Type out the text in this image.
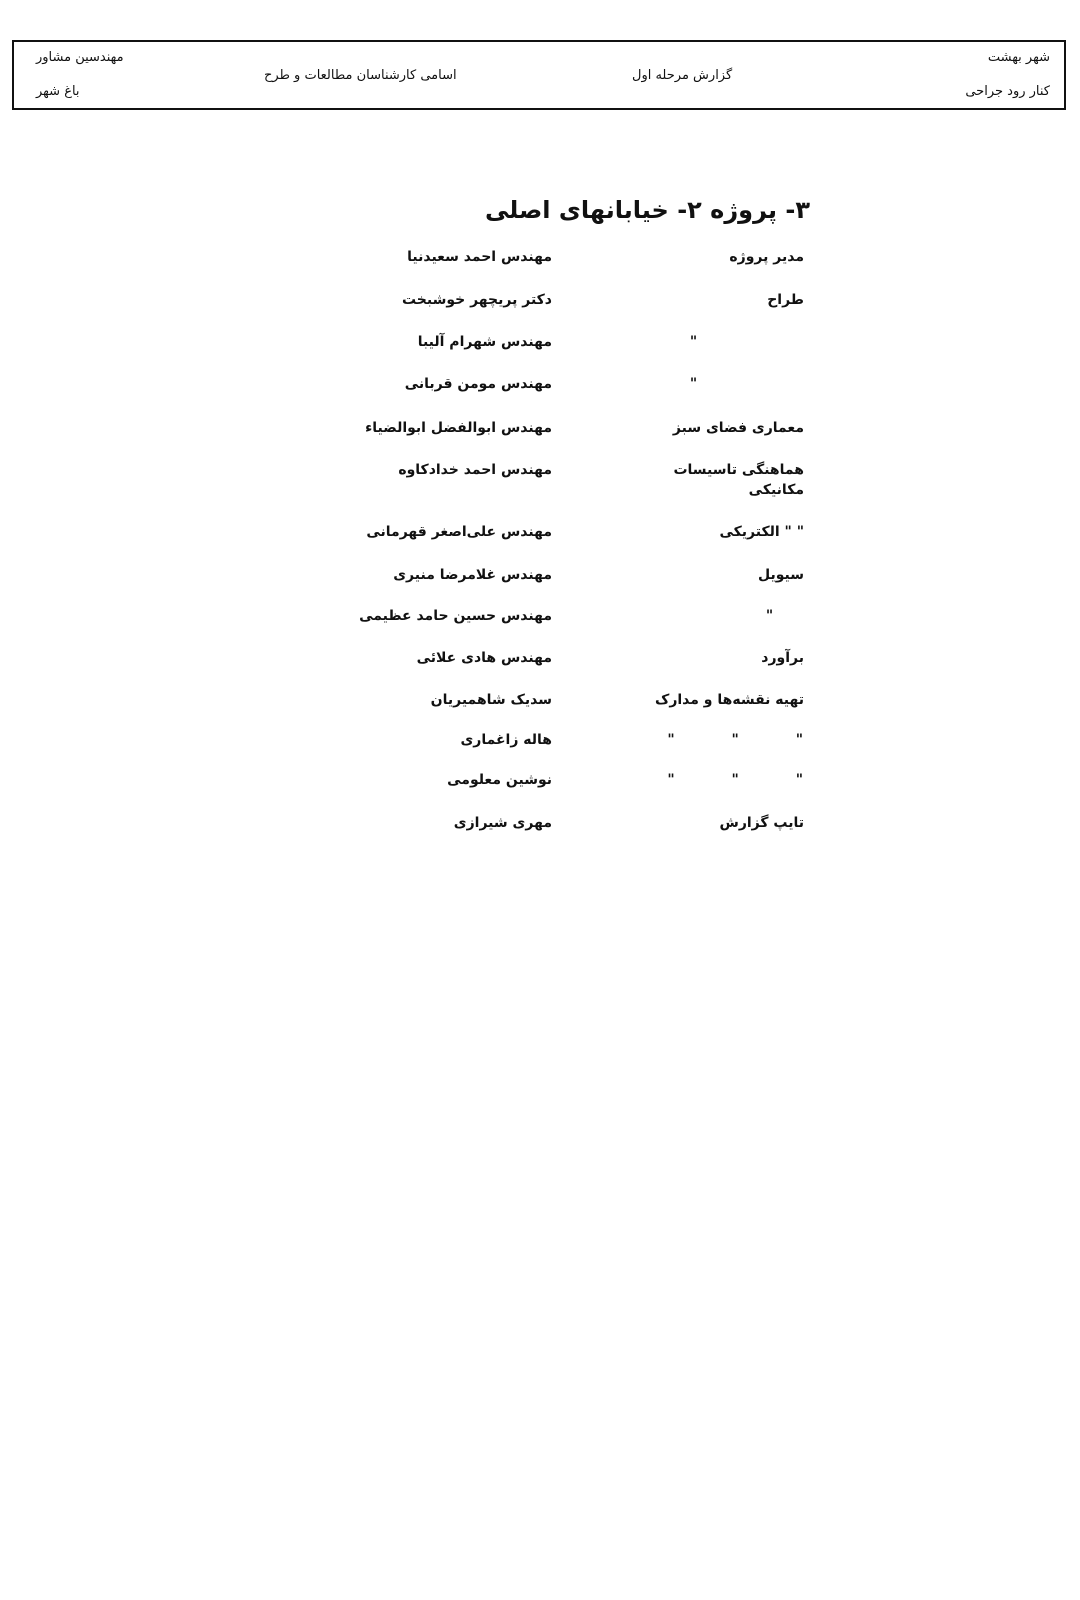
شهر بهشت
کنار رود جراحی
گزارش مرحله اول
اسامی کارشناسان مطالعات و طرح
مهندسین مشاور
باغ شهر
۳- پروژه ۲- خیابانهای اصلی
مدیر پروژه
مهندس احمد سعیدنیا
طراح
دکتر پریچهر خوشبخت
"
مهندس شهرام آلیبا
"
مهندس مومن قربانی
معماری فضای سبز
مهندس ابوالفضل ابوالضیاء
هماهنگی تاسیسات مکانیکی
مهندس احمد خدادکاوه
" " الکتریکی
مهندس علی‌اصغر قهرمانی
سیویل
مهندس غلامرضا منیری
"
مهندس حسین حامد عظیمی
برآورد
مهندس هادی علائی
تهیه نقشه‌ها و مدارک
سدیک شاهمیریان
" " "
هاله زاغماری
" " "
نوشین معلومی
تایپ گزارش
مهری شیرازی
